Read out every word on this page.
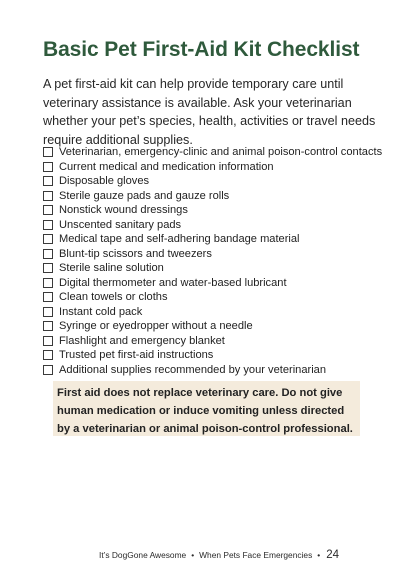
Basic Pet First-Aid Kit Checklist

A pet first-aid kit can help provide temporary care until veterinary assistance is available. Ask your veterinarian whether your pet’s species, health, activities or travel needs require additional supplies.

Veterinarian, emergency-clinic and animal poison-control contacts
Current medical and medication information
Disposable gloves
Sterile gauze pads and gauze rolls
Nonstick wound dressings
Unscented sanitary pads
Medical tape and self-adhering bandage material
Blunt-tip scissors and tweezers
Sterile saline solution
Digital thermometer and water-based lubricant
Clean towels or cloths
Instant cold pack
Syringe or eyedropper without a needle
Flashlight and emergency blanket
Trusted pet first-aid instructions
Additional supplies recommended by your veterinarian

First aid does not replace veterinary care. Do not give human medication or induce vomiting unless directed by a veterinarian or animal poison-control professional.

It’s DogGone Awesome • When Pets Face Emergencies • 24
